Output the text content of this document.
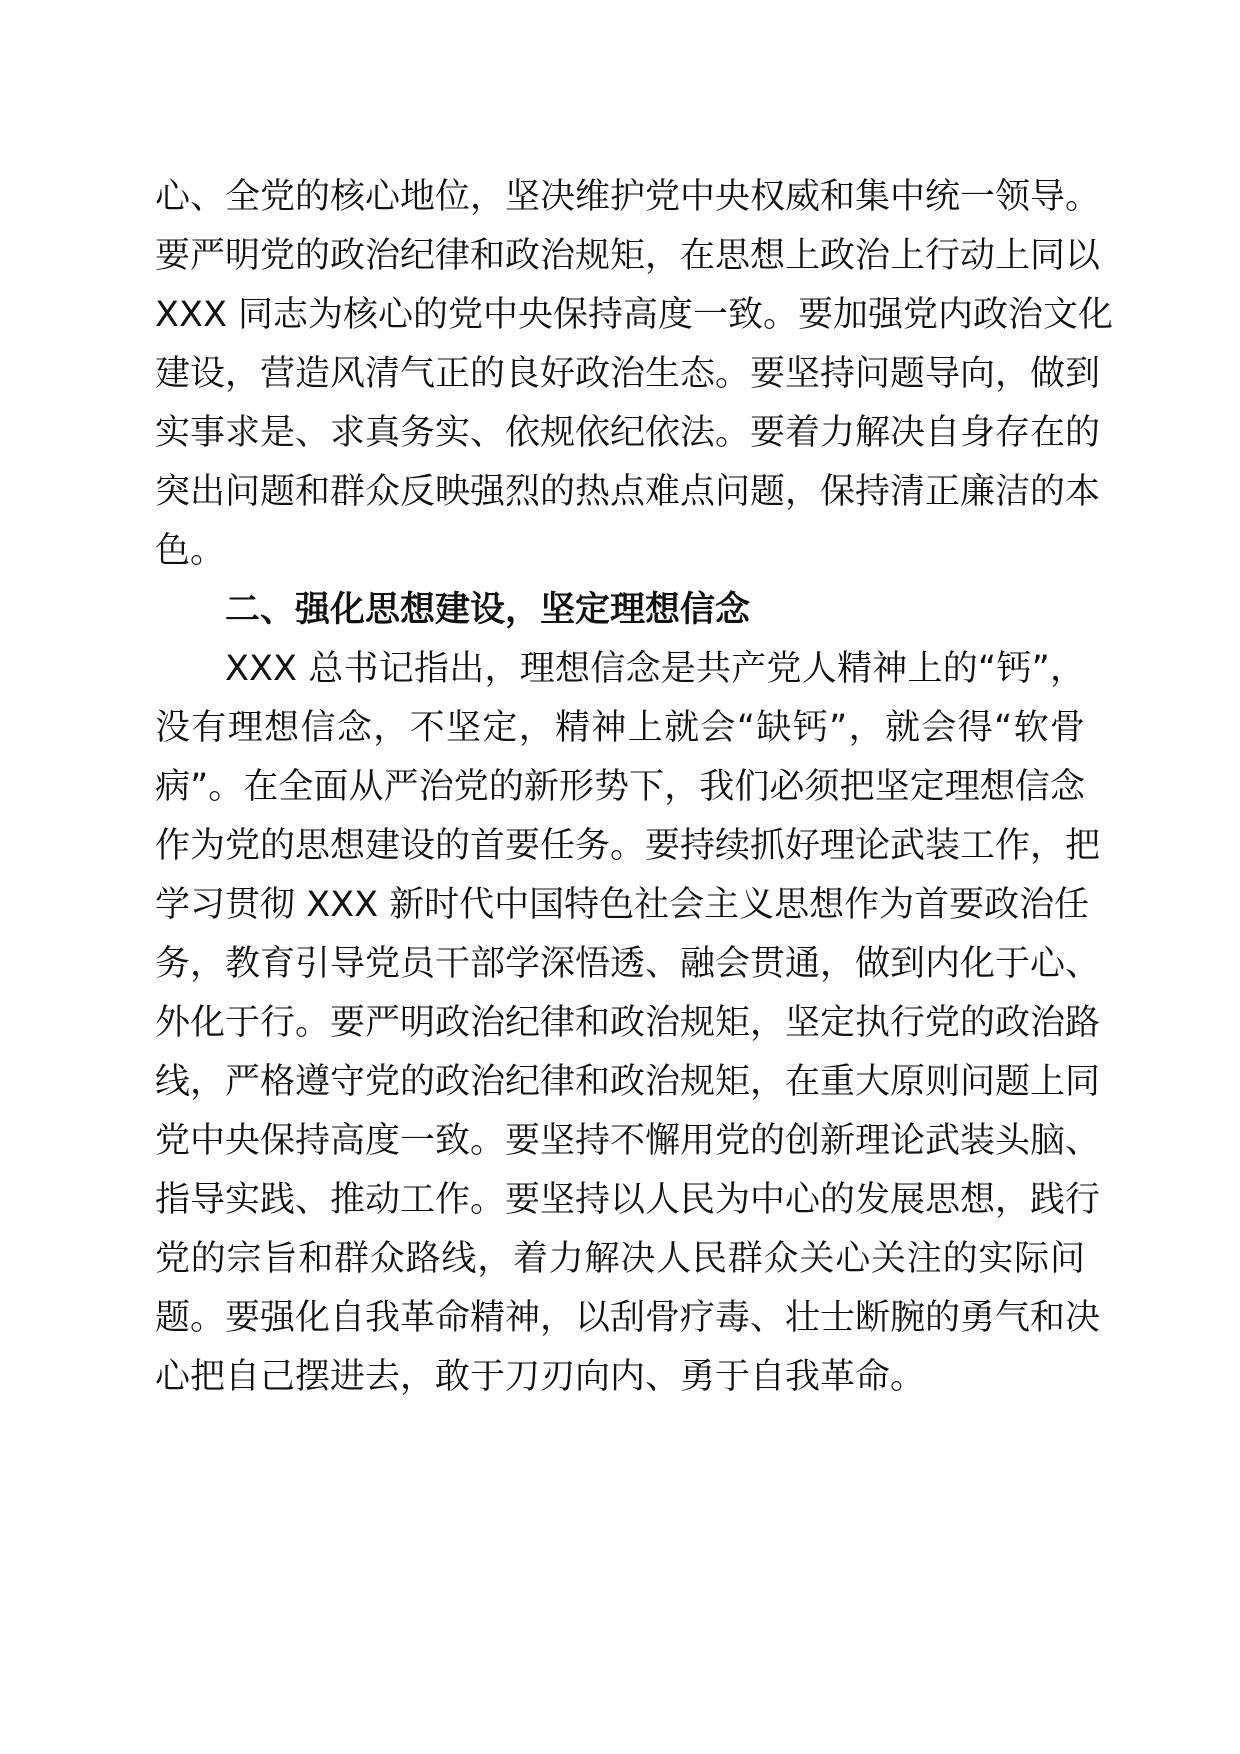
心、全党的核心地位，坚决维护党中央权威和集中统一领导。
要严明党的政治纪律和政治规矩，在思想上政治上行动上同以
XXX 同志为核心的党中央保持高度一致。要加强党内政治文化
建设，营造风清气正的良好政治生态。要坚持问题导向，做到
实事求是、求真务实、依规依纪依法。要着力解决自身存在的
突出问题和群众反映强烈的热点难点问题，保持清正廉洁的本
色。
二、强化思想建设，坚定理想信念
XXX 总书记指出，理想信念是共产党人精神上的“钙”，
没有理想信念，不坚定，精神上就会“缺钙”，就会得“软骨
病”。在全面从严治党的新形势下，我们必须把坚定理想信念
作为党的思想建设的首要任务。要持续抓好理论武装工作，把
学习贯彻 XXX 新时代中国特色社会主义思想作为首要政治任
务，教育引导党员干部学深悟透、融会贯通，做到内化于心、
外化于行。要严明政治纪律和政治规矩，坚定执行党的政治路
线，严格遵守党的政治纪律和政治规矩，在重大原则问题上同
党中央保持高度一致。要坚持不懈用党的创新理论武装头脑、
指导实践、推动工作。要坚持以人民为中心的发展思想，践行
党的宗旨和群众路线，着力解决人民群众关心关注的实际问
题。要强化自我革命精神，以刮骨疗毒、壮士断腕的勇气和决
心把自己摆进去，敢于刀刃向内、勇于自我革命。
